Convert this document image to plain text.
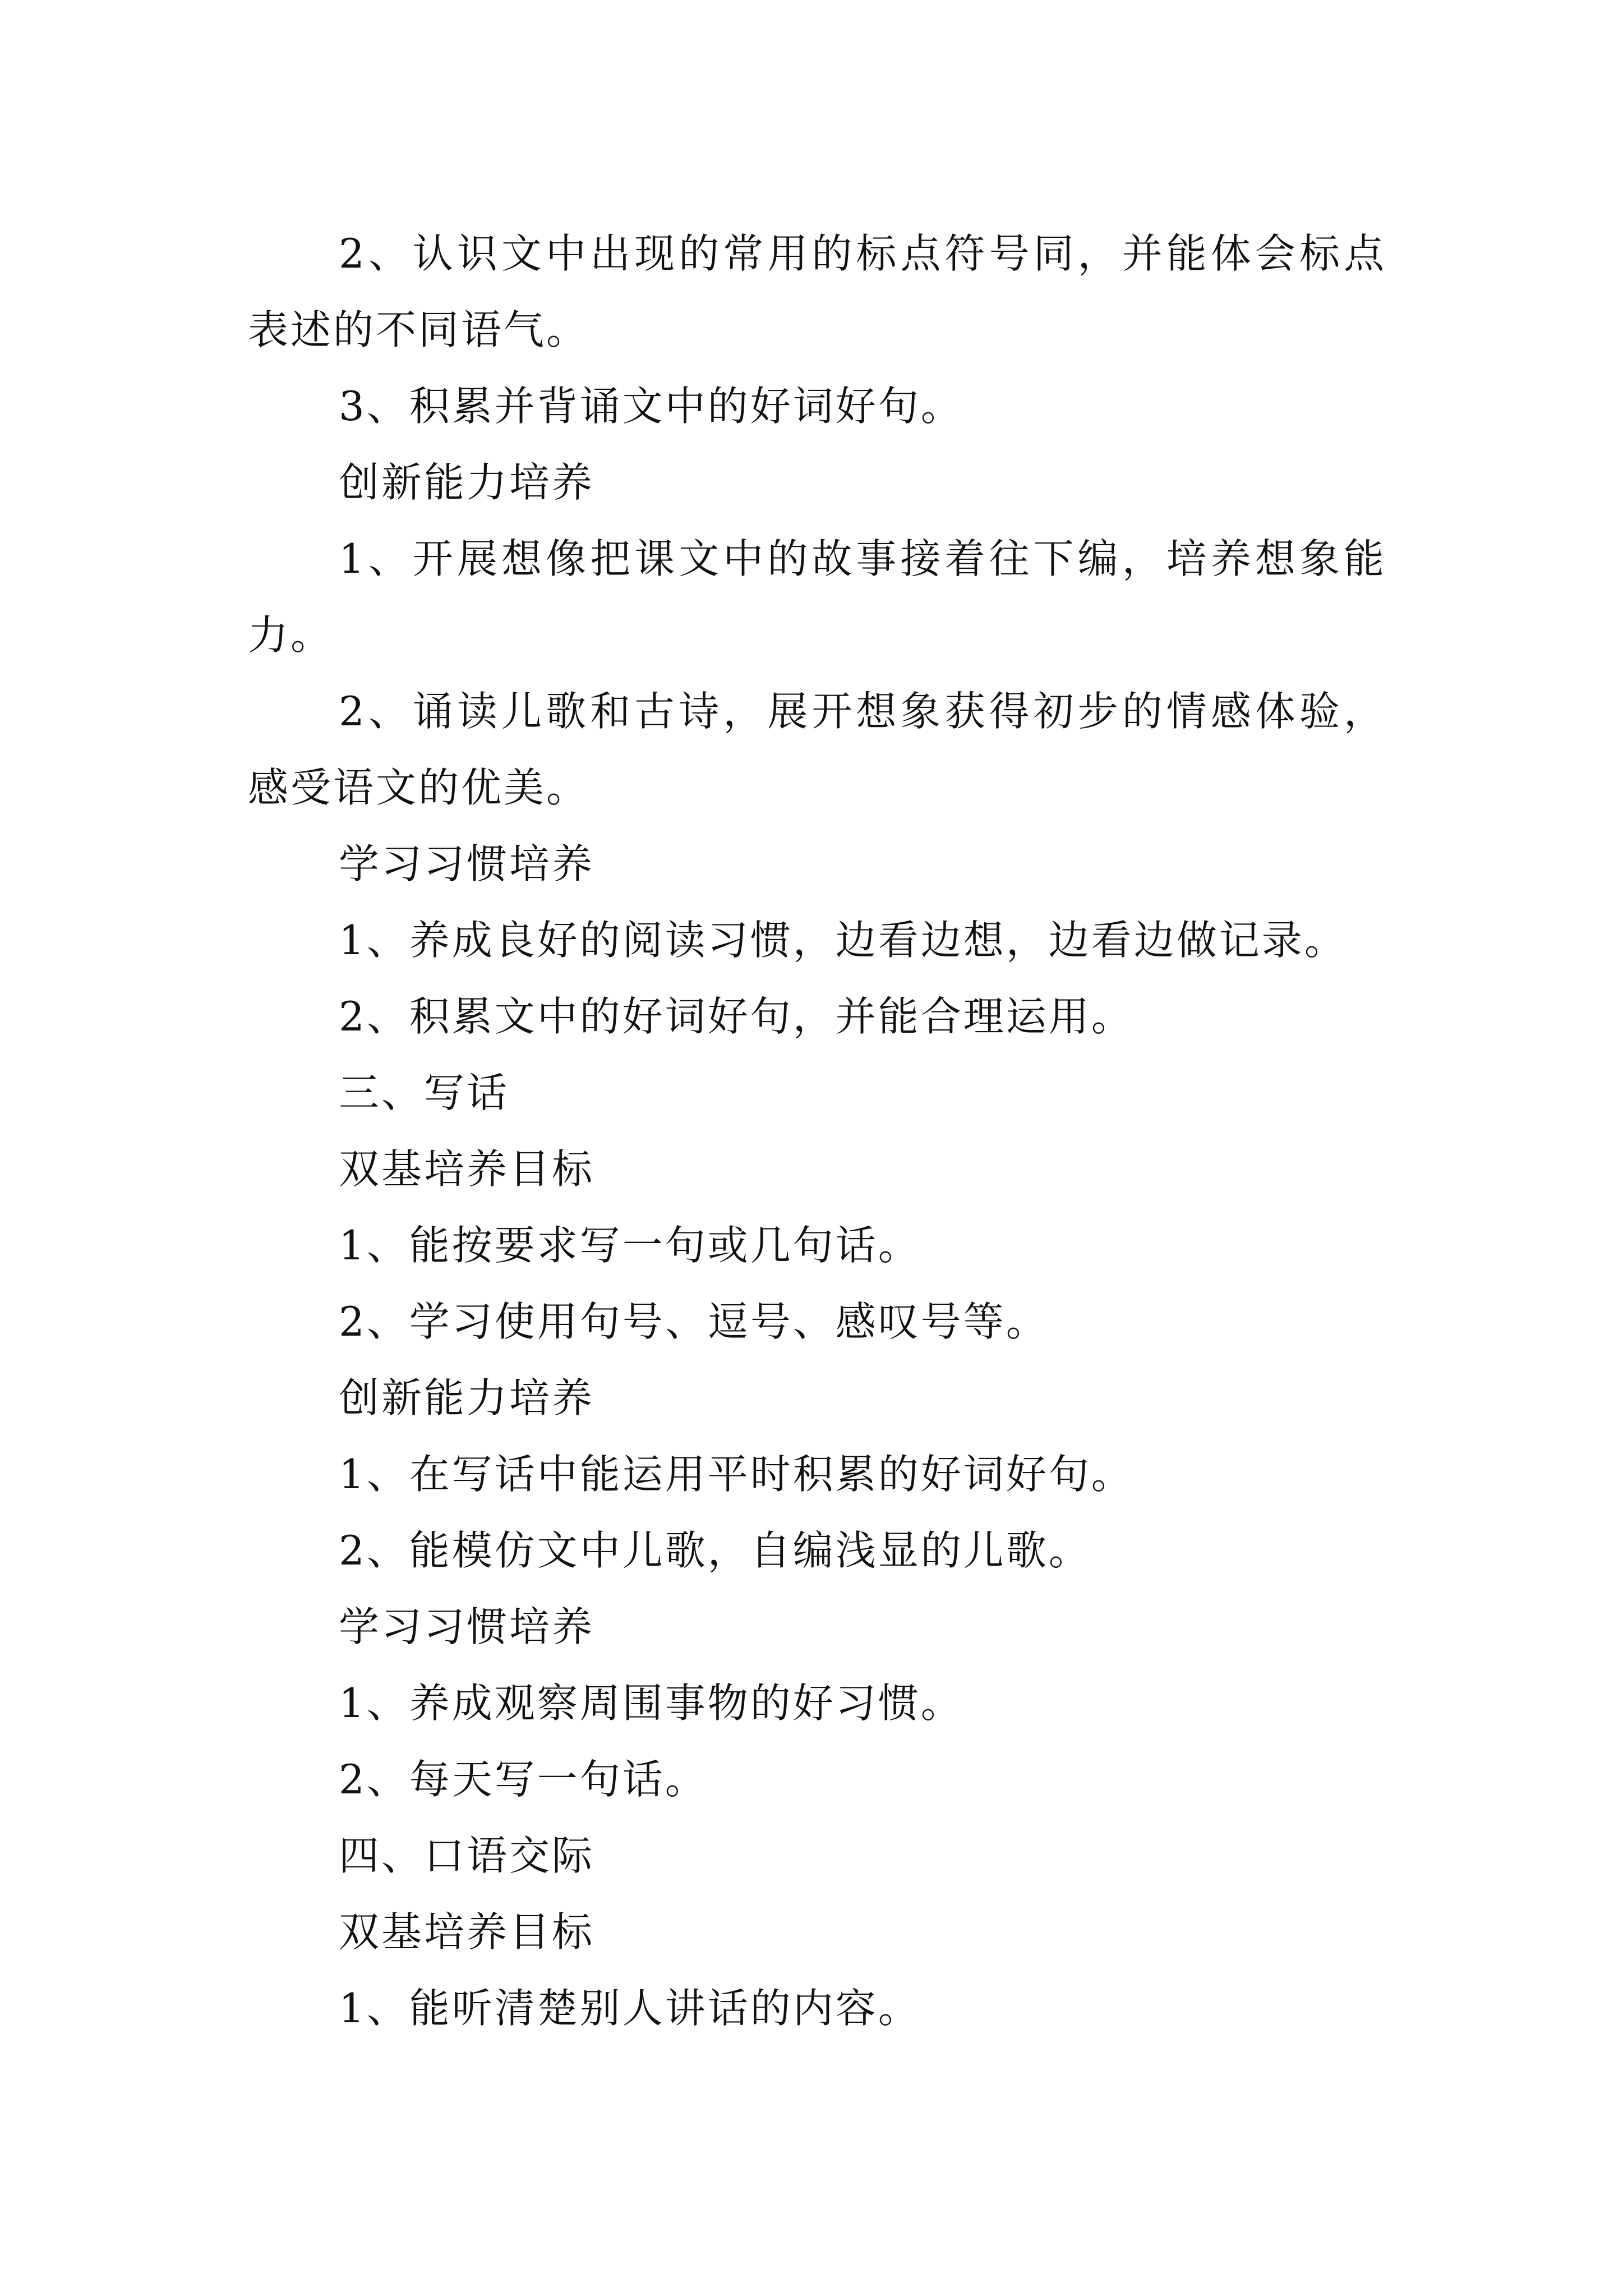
2、认识文中出现的常用的标点符号同，并能体会标点表述的不同语气。

3、积累并背诵文中的好词好句。

创新能力培养

1、开展想像把课文中的故事接着往下编，培养想象能力。

2、诵读儿歌和古诗，展开想象获得初步的情感体验，感受语文的优美。

学习习惯培养

1、养成良好的阅读习惯，边看边想，边看边做记录。

2、积累文中的好词好句，并能合理运用。

三、写话

双基培养目标

1、能按要求写一句或几句话。

2、学习使用句号、逗号、感叹号等。

创新能力培养

1、在写话中能运用平时积累的好词好句。

2、能模仿文中儿歌，自编浅显的儿歌。

学习习惯培养

1、养成观察周围事物的好习惯。

2、每天写一句话。

四、口语交际

双基培养目标

1、能听清楚别人讲话的内容。
